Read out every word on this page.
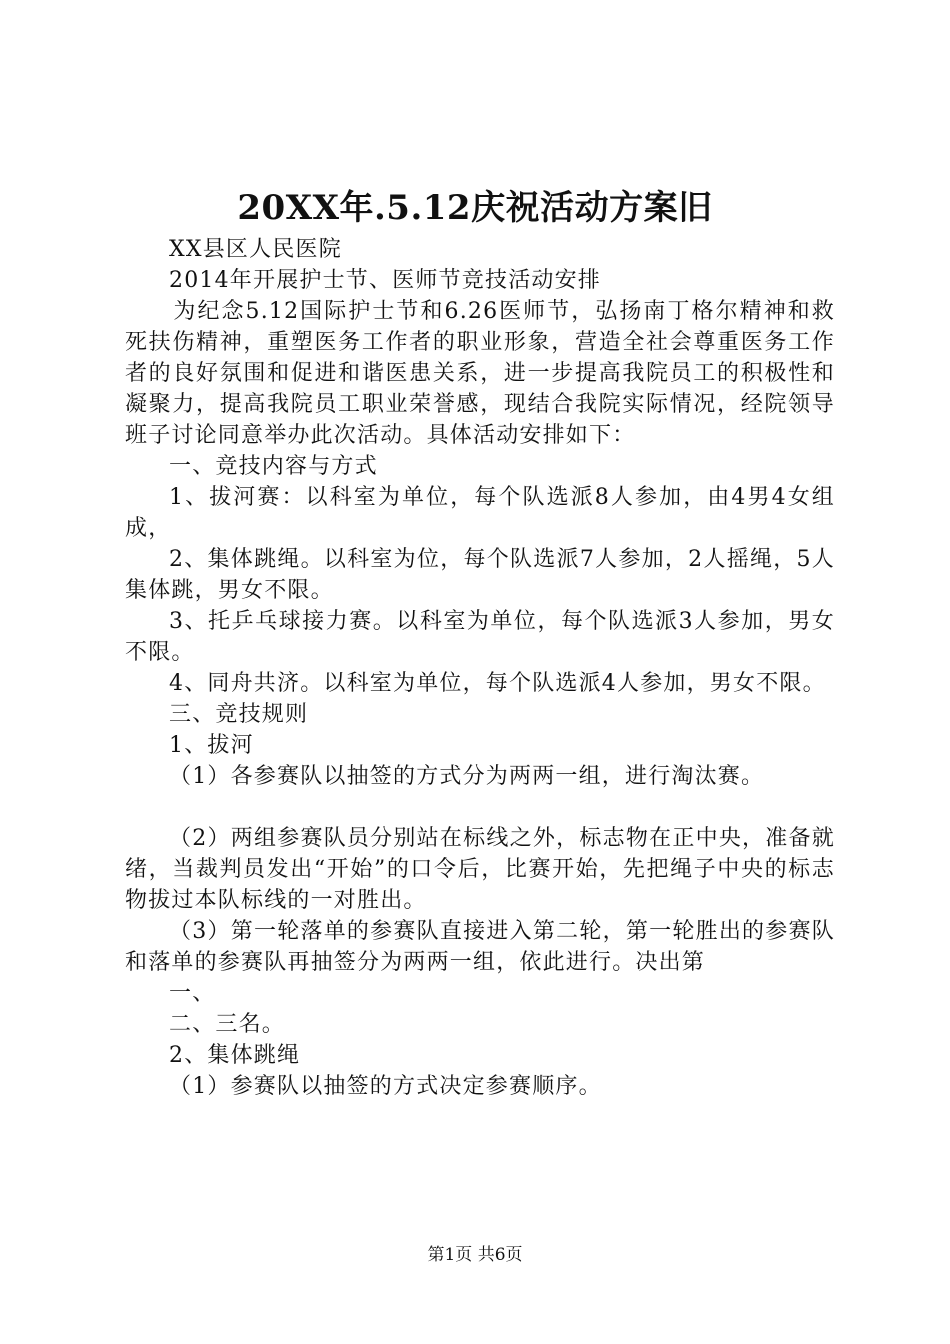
20XX年.5.12庆祝活动方案旧

XX县区人民医院

2014年开展护士节、医师节竞技活动安排

为纪念5.12国际护士节和6.26医师节，弘扬南丁格尔精神和救死扶伤精神，重塑医务工作者的职业形象，营造全社会尊重医务工作者的良好氛围和促进和谐医患关系，进一步提高我院员工的积极性和凝聚力，提高我院员工职业荣誉感，现结合我院实际情况，经院领导班子讨论同意举办此次活动。具体活动安排如下：

一、竞技内容与方式

1、拔河赛：以科室为单位，每个队选派8人参加，由4男4女组成，

2、集体跳绳。以科室为位，每个队选派7人参加，2人摇绳，5人集体跳，男女不限。

3、托乒乓球接力赛。以科室为单位，每个队选派3人参加，男女不限。

4、同舟共济。以科室为单位，每个队选派4人参加，男女不限。

三、竞技规则

1、拔河

（1）各参赛队以抽签的方式分为两两一组，进行淘汰赛。

（2）两组参赛队员分别站在标线之外，标志物在正中央，准备就绪，当裁判员发出“开始”的口令后，比赛开始，先把绳子中央的标志物拔过本队标线的一对胜出。

（3）第一轮落单的参赛队直接进入第二轮，第一轮胜出的参赛队和落单的参赛队再抽签分为两两一组，依此进行。决出第

一、

二、三名。

2、集体跳绳

（1）参赛队以抽签的方式决定参赛顺序。

第1页 共6页
